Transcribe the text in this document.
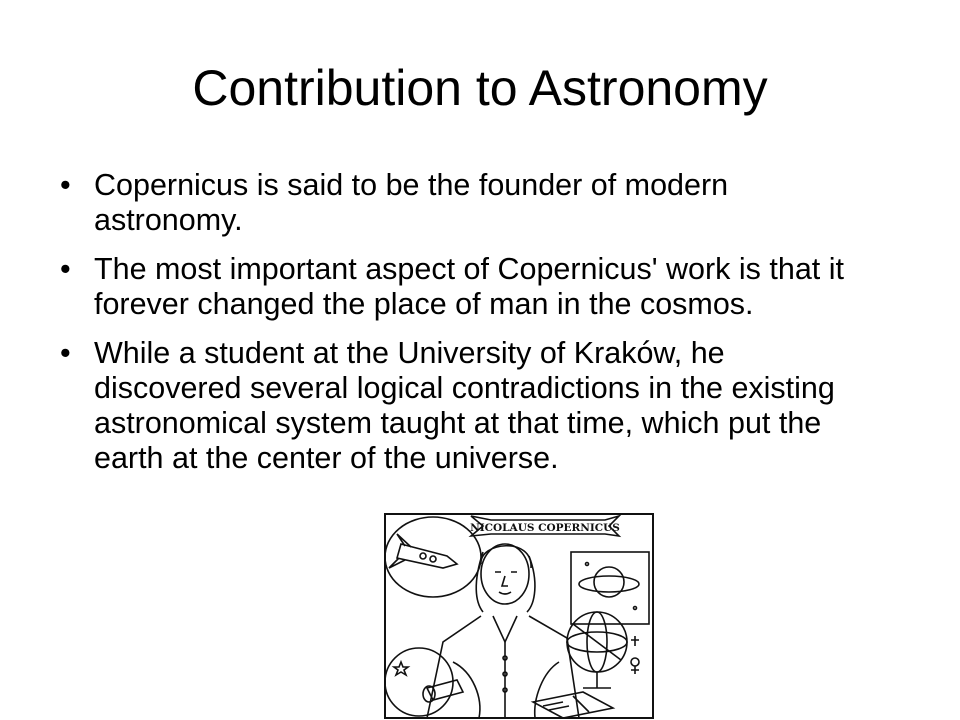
Contribution to Astronomy
• Copernicus is said to be the founder of modern astronomy.
• The most important aspect of Copernicus' work is that it forever changed the place of man in the cosmos.
• While a student at the University of Kraków, he discovered several logical contradictions in the existing astronomical system taught at that time, which put the earth at the center of the universe.
NICOLAUS COPERNICUS
